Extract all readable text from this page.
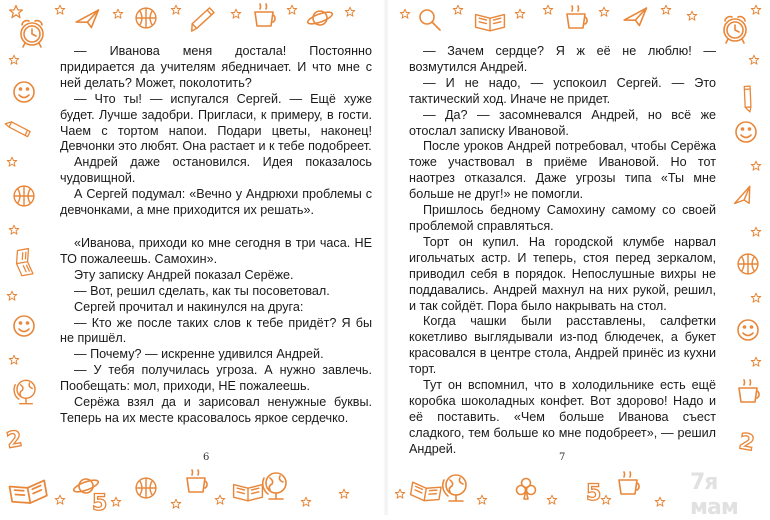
2
5	5
2

— Иванова меня достала! Постоянно придирается да учителям ябедничает. И что мне с ней делать? Может, поколотить?

— Что ты! — испугался Сергей. — Ещё хуже будет. Лучше задобри. Пригласи, к примеру, в гости. Чаем с тортом напои. Подари цветы, наконец! Девчонки это любят. Она растает и к тебе подобреет.

Андрей даже остановился. Идея показалось чудовищной.

А Сергей подумал: «Вечно у Андрюхи проблемы с девчонками, а мне приходится их решать».

«Иванова, приходи ко мне сегодня в три часа. НЕ ТО пожалеешь. Самохин».

Эту записку Андрей показал Серёже.

— Вот, решил сделать, как ты посоветовал.

Сергей прочитал и накинулся на друга:

— Кто же после таких слов к тебе придёт? Я бы не пришёл.

— Почему? — искренне удивился Андрей.

— У тебя получилась угроза. А нужно завлечь. Пообещать: мол, приходи, НЕ пожалеешь.

Серёжа взял да и зарисовал ненужные буквы. Теперь на их месте красовалось яркое сердечко.

— Зачем сердце? Я ж её не люблю! — возмутился Андрей.

— И не надо, — успокоил Сергей. — Это тактический ход. Иначе не придет.

— Да? — засомневался Андрей, но всё же отослал записку Ивановой.

После уроков Андрей потребовал, чтобы Серёжа тоже участвовал в приёме Ивановой. Но тот наотрез отказался. Даже угрозы типа «Ты мне больше не друг!» не помогли.

Пришлось бедному Самохину самому со своей проблемой справляться.

Торт он купил. На городской клумбе нарвал игольчатых астр. И теперь, стоя перед зеркалом, приводил себя в порядок. Непослушные вихры не поддавались. Андрей махнул на них рукой, решил, и так сойдёт. Пора было накрывать на стол.

Когда чашки были расставлены, салфетки кокетливо выглядывали из-под блюдечек, а букет красовался в центре стола, Андрей принёс из кухни торт.

Тут он вспомнил, что в холодильнике есть ещё коробка шоколадных конфет. Вот здорово! Надо и её поставить. «Чем больше Иванова съест сладкого, тем больше ко мне подобреет», — решил Андрей.

6	7
7я мам
